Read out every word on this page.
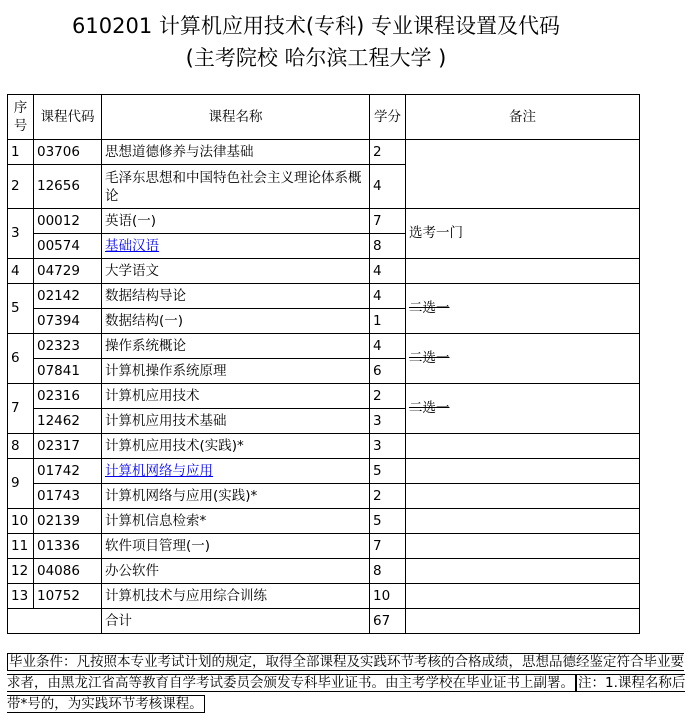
610201 计算机应用技术(专科) 专业课程设置及代码
(主考院校 哈尔滨工程大学 )
序号	课程代码	课程名称	学分	备注
1	03706	思想道德修养与法律基础	2	
2	12656	毛泽东思想和中国特色社会主义理论体系概论	4	
3	00012	英语(一)	7	选考一门
	00574	基础汉语	8	
4	04729	大学语文	4	
5	02142	数据结构导论	4	二选一
	07394	数据结构(一)	1	
6	02323	操作系统概论	4	二选一
	07841	计算机操作系统原理	6	
7	02316	计算机应用技术	2	二选一
	12462	计算机应用技术基础	3	
8	02317	计算机应用技术(实践)*	3	
9	01742	计算机网络与应用	5	
	01743	计算机网络与应用(实践)*	2	
10	02139	计算机信息检索*	5	
11	01336	软件项目管理(一)	7	
12	04086	办公软件	8	
13	10752	计算机技术与应用综合训练	10	
		合计	67	
毕业条件：凡按照本专业考试计划的规定，取得全部课程及实践环节考核的合格成绩，思想品德经鉴定符合毕业要求者，由黑龙江省高等教育自学考试委员会颁发专科毕业证书。由主考学校在毕业证书上副署。 注：1.课程名称后带*号的，为实践环节考核课程。
